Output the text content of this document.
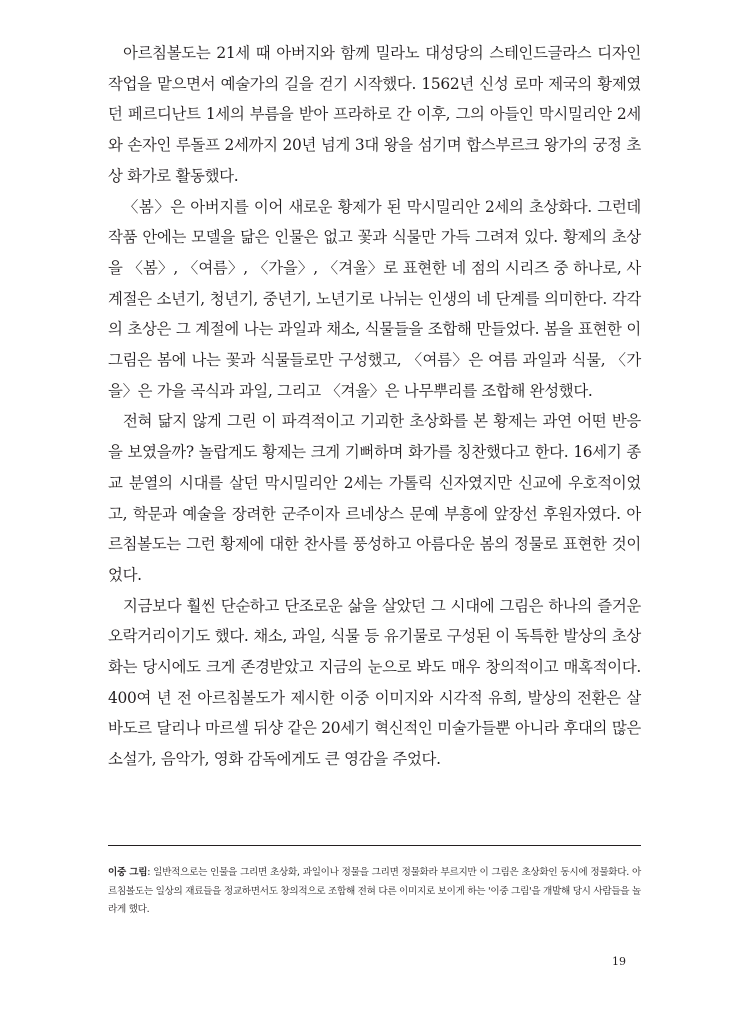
아르침볼도는 21세 때 아버지와 함께 밀라노 대성당의 스테인드글라스 디자인 작업을 맡으면서 예술가의 길을 걷기 시작했다. 1562년 신성 로마 제국의 황제였던 페르디난트 1세의 부름을 받아 프라하로 간 이후, 그의 아들인 막시밀리안 2세와 손자인 루돌프 2세까지 20년 넘게 3대 왕을 섬기며 합스부르크 왕가의 궁정 초상 화가로 활동했다.

〈봄〉은 아버지를 이어 새로운 황제가 된 막시밀리안 2세의 초상화다. 그런데 작품 안에는 모델을 닮은 인물은 없고 꽃과 식물만 가득 그려져 있다. 황제의 초상을 〈봄〉, 〈여름〉, 〈가을〉, 〈겨울〉로 표현한 네 점의 시리즈 중 하나로, 사계절은 소년기, 청년기, 중년기, 노년기로 나뉘는 인생의 네 단계를 의미한다. 각각의 초상은 그 계절에 나는 과일과 채소, 식물들을 조합해 만들었다. 봄을 표현한 이 그림은 봄에 나는 꽃과 식물들로만 구성했고, 〈여름〉은 여름 과일과 식물, 〈가을〉은 가을 곡식과 과일, 그리고 〈겨울〉은 나무뿌리를 조합해 완성했다.

전혀 닮지 않게 그린 이 파격적이고 기괴한 초상화를 본 황제는 과연 어떤 반응을 보였을까? 놀랍게도 황제는 크게 기뻐하며 화가를 칭찬했다고 한다. 16세기 종교 분열의 시대를 살던 막시밀리안 2세는 가톨릭 신자였지만 신교에 우호적이었고, 학문과 예술을 장려한 군주이자 르네상스 문예 부흥에 앞장선 후원자였다. 아르침볼도는 그런 황제에 대한 찬사를 풍성하고 아름다운 봄의 정물로 표현한 것이었다.

지금보다 훨씬 단순하고 단조로운 삶을 살았던 그 시대에 그림은 하나의 즐거운 오락거리이기도 했다. 채소, 과일, 식물 등 유기물로 구성된 이 독특한 발상의 초상화는 당시에도 크게 존경받았고 지금의 눈으로 봐도 매우 창의적이고 매혹적이다. 400여 년 전 아르침볼도가 제시한 이중 이미지와 시각적 유희, 발상의 전환은 살바도르 달리나 마르셀 뒤샹 같은 20세기 혁신적인 미술가들뿐 아니라 후대의 많은 소설가, 음악가, 영화 감독에게도 큰 영감을 주었다.

이중 그림: 일반적으로는 인물을 그리면 초상화, 과일이나 정물을 그리면 정물화라 부르지만 이 그림은 초상화인 동시에 정물화다. 아르침볼도는 일상의 재료들을 정교하면서도 창의적으로 조합해 전혀 다른 이미지로 보이게 하는 '이중 그림'을 개발해 당시 사람들을 놀라게 했다.

19
